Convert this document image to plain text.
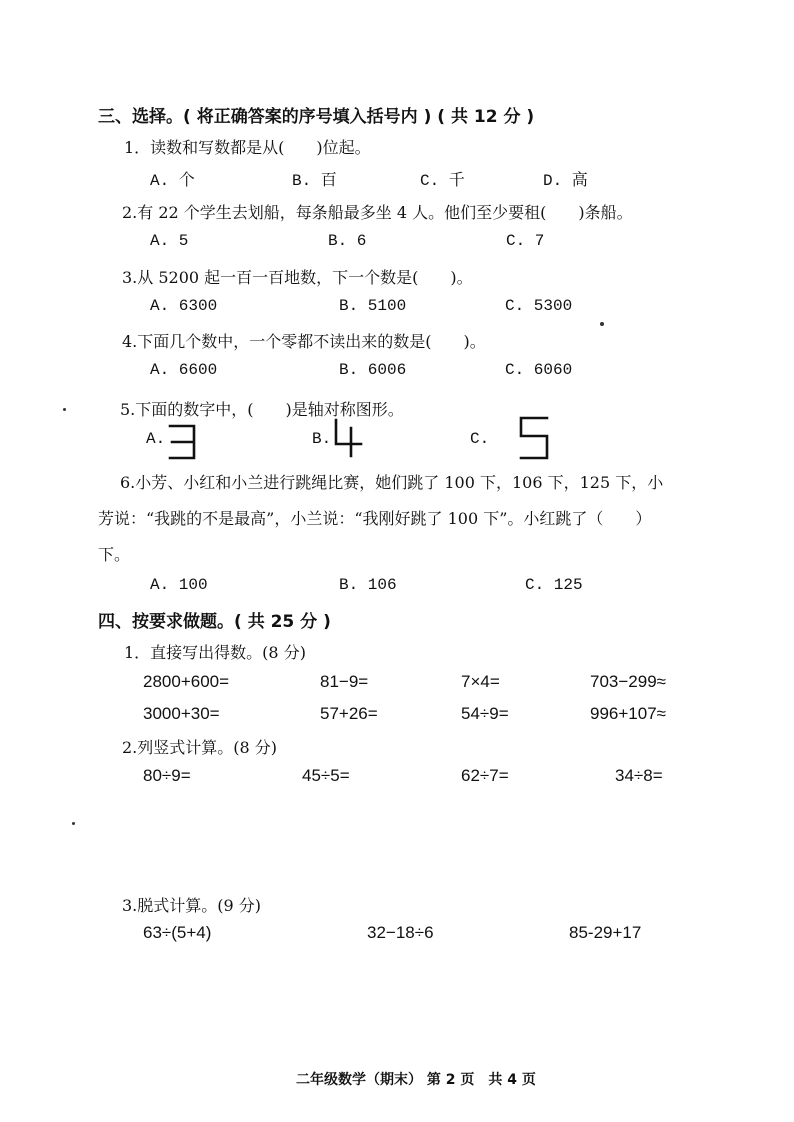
三、选择。( 将正确答案的序号填入括号内 ) ( 共 12 分 )
1．读数和写数都是从(　　)位起。
A. 个	B. 百	C. 千	D. 高
2.有 22 个学生去划船，每条船最多坐 4 人。他们至少要租(　　)条船。
A. 5	B. 6	C. 7
3.从 5200 起一百一百地数，下一个数是(　　)。
A. 6300	B. 5100	C. 5300
4.下面几个数中，一个零都不读出来的数是(　　)。
A. 6600	B. 6006	C. 6060
5.下面的数字中，(　　)是轴对称图形。
A.	B.	C.
6.小芳、小红和小兰进行跳绳比赛，她们跳了 100 下，106 下，125 下，小
芳说：“我跳的不是最高”，小兰说：“我刚好跳了 100 下”。小红跳了（　　）
下。
A. 100	B. 106	C. 125
四、按要求做题。( 共 25 分 )
1．直接写出得数。(8 分)
2800+600=	81−9=	7×4=	703−299≈
3000+30=	57+26=	54÷9=	996+107≈
2.列竖式计算。(8 分)
80÷9=	45÷5=	62÷7=	34÷8=
3.脱式计算。(9 分)
63÷(5+4)	32−18÷6	85-29+17
二年级数学（期末） 第 2 页　共 4 页
